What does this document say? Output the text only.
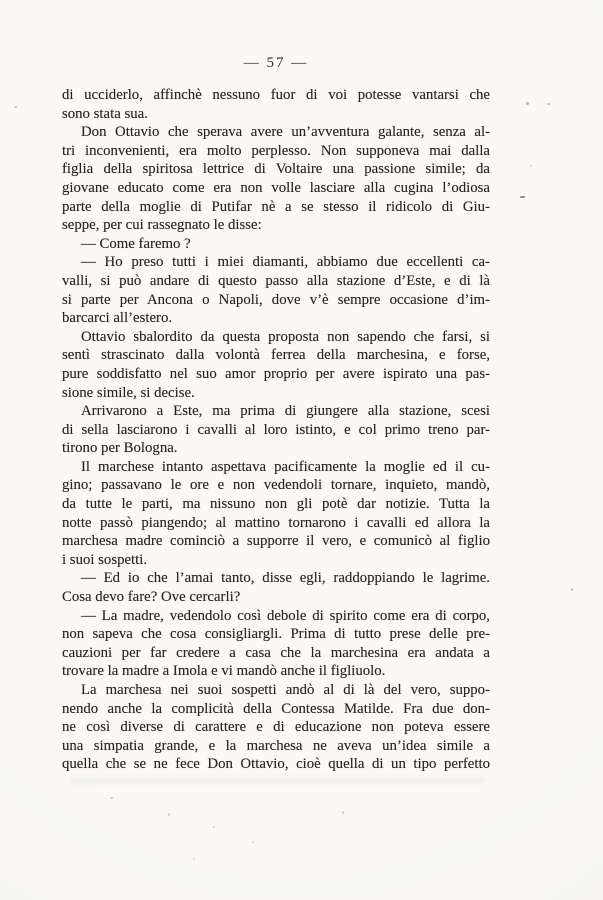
— 57 —
di ucciderlo, affinchè nessuno fuor di voi potesse vantarsi che
sono stata sua.
Don Ottavio che sperava avere un’avventura galante, senza al-
tri inconvenienti, era molto perplesso. Non supponeva mai dalla
figlia della spiritosa lettrice di Voltaire una passione simile; da
giovane educato come era non volle lasciare alla cugina l’odiosa
parte della moglie di Putifar nè a se stesso il ridicolo di Giu-
seppe, per cui rassegnato le disse:
— Come faremo ?
— Ho preso tutti i miei diamanti, abbiamo due eccellenti ca-
valli, si può andare di questo passo alla stazione d’Este, e di là
si parte per Ancona o Napoli, dove v’è sempre occasione d’im-
barcarci all’estero.
Ottavio sbalordito da questa proposta non sapendo che farsi, si
sentì strascinato dalla volontà ferrea della marchesina, e forse,
pure soddisfatto nel suo amor proprio per avere ispirato una pas-
sione simile, si decise.
Arrivarono a Este, ma prima di giungere alla stazione, scesi
di sella lasciarono i cavalli al loro istinto, e col primo treno par-
tirono per Bologna.
Il marchese intanto aspettava pacificamente la moglie ed il cu-
gino; passavano le ore e non vedendoli tornare, inquieto, mandò,
da tutte le parti, ma nissuno non gli potè dar notizie. Tutta la
notte passò piangendo; al mattino tornarono i cavalli ed allora la
marchesa madre cominciò a supporre il vero, e comunicò al figlio
i suoi sospetti.
— Ed io che l’amai tanto, disse egli, raddoppiando le lagrime.
Cosa devo fare? Ove cercarli?
— La madre, vedendolo così debole di spirito come era di corpo,
non sapeva che cosa consigliargli. Prima di tutto prese delle pre-
cauzioni per far credere a casa che la marchesina era andata a
trovare la madre a Imola e vi mandò anche il figliuolo.
La marchesa nei suoi sospetti andò al di là del vero, suppo-
nendo anche la complicità della Contessa Matilde. Fra due don-
ne così diverse di carattere e di educazione non poteva essere
una simpatia grande, e la marchesa ne aveva un’idea simile a
quella che se ne fece Don Ottavio, cioè quella di un tipo perfetto
